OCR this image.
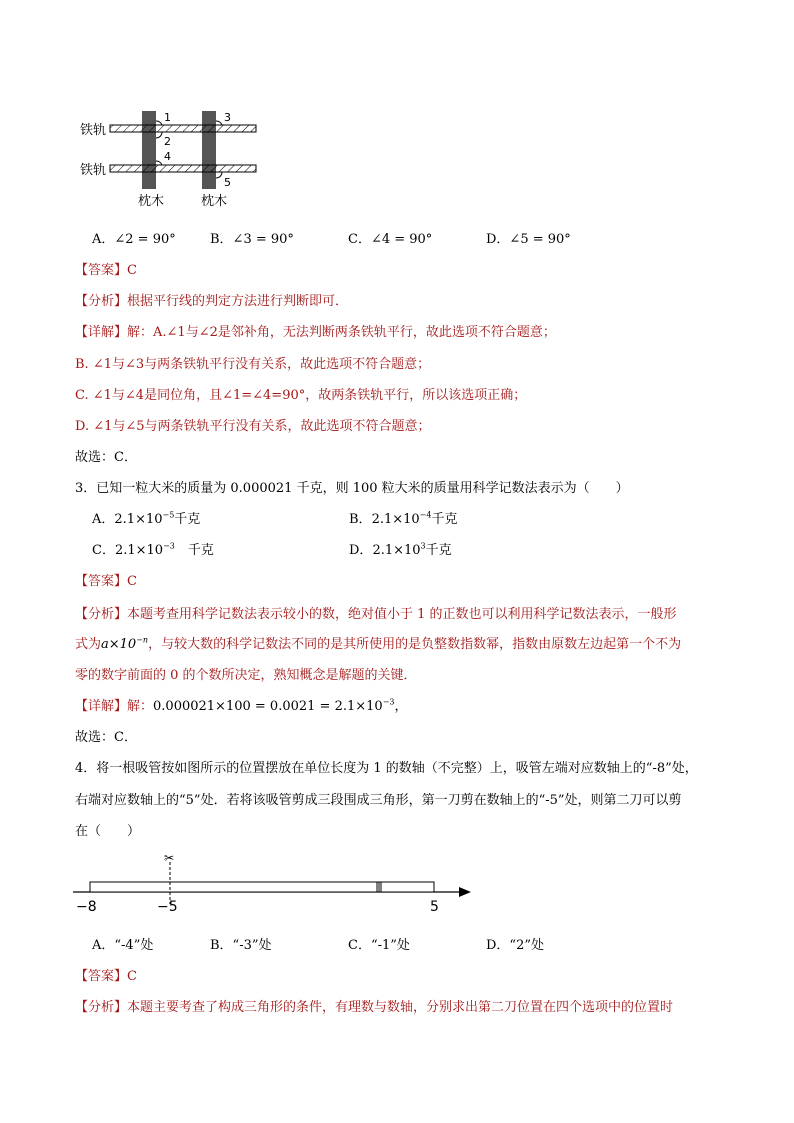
1
2
3
4
5
铁轨
铁轨
枕木	枕木
A．∠2 = 90°	B．∠3 = 90°	C．∠4 = 90°	D．∠5 = 90°
【答案】C
【分析】根据平行线的判定方法进行判断即可．
【详解】解：A.∠1与∠2是邻补角，无法判断两条铁轨平行，故此选项不符合题意；
B. ∠1与∠3与两条铁轨平行没有关系，故此选项不符合题意；
C. ∠1与∠4是同位角，且∠1=∠4=90°，故两条铁轨平行，所以该选项正确；
D. ∠1与∠5与两条铁轨平行没有关系，故此选项不符合题意；
故选：C．
3．已知一粒大米的质量为 0.000021 千克，则 100 粒大米的质量用科学记数法表示为（　　）
A．$2.1\times 10^{-5}$千克	B．$2.1\times 10^{-4}$千克
C．$2.1\times 10^{-3}$　千克	D．$2.1\times 10^3$千克
【答案】C
【分析】本题考查用科学记数法表示较小的数，绝对值小于 1 的正数也可以利用科学记数法表示，一般形
式为$a\times 10^{-n}$，与较大数的科学记数法不同的是其所使用的是负整数指数幂，指数由原数左边起第一个不为
零的数字前面的 0 的个数所决定，熟知概念是解题的关键．
【详解】解：$0.000021\times 100 = 0.0021 = 2.1\times 10^{-3}$，
故选：C．
4．将一根吸管按如图所示的位置摆放在单位长度为 1 的数轴（不完整）上，吸管左端对应数轴上的“-8”处，
右端对应数轴上的“5”处．若将该吸管剪成三段围成三角形，第一刀剪在数轴上的“-5”处，则第二刀可以剪
在（　　）
✂
−8	−5	5
A．“-4”处	B．“-3”处	C．“-1”处	D．“2”处
【答案】C
【分析】本题主要考查了构成三角形的条件，有理数与数轴，分别求出第二刀位置在四个选项中的位置时
